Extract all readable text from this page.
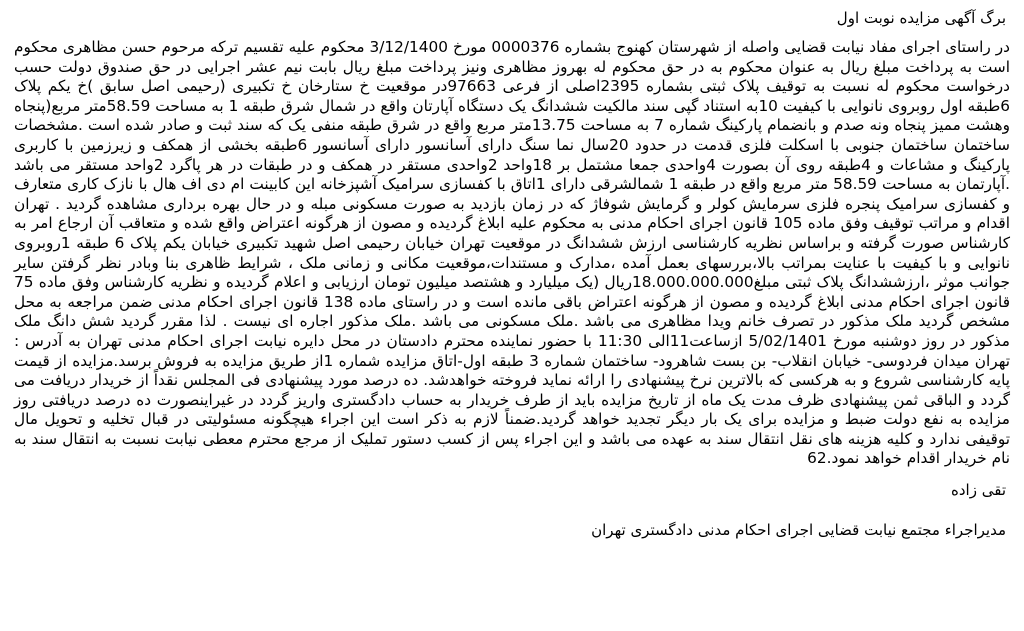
برگ آگهی مزایده نوبت اول

در راستای اجرای مفاد نیابت قضایی واصله از شهرستان کهنوج بشماره 0000376 مورخ 3/12/1400 محکوم علیه تقسیم ترکه مرحوم حسن مظاهری محکوم است به پرداخت مبلغ ریال به عنوان محکوم به در حق محکوم له بهروز مظاهری ونیز پرداخت مبلغ ریال بابت نیم عشر اجرایی در حق صندوق دولت حسب درخواست محکوم له نسبت به توقیف پلاک ثبتی بشماره 2395اصلی از فرعی 97663در موقعیت خ ستارخان خ تکبیری (رحیمی اصل سابق )خ یکم پلاک 6طبقه اول روبروی نانوایی با کیفیت 10به استناد گپی سند مالکیت ششدانگ یک دستگاه آپارتان واقع در شمال شرق طبقه 1 به مساحت 58.59متر مربع(پنجاه وهشت ممیز پنجاه ونه صدم و بانضمام پارکینگ شماره 7 به مساحت 13.75متر مربع واقع در شرق طبقه منفی یک که سند ثبت و صادر شده است .مشخصات ساختمان ساختمان جنوبی با اسکلت فلزی قدمت در حدود 20سال نما سنگ دارای آسانسور دارای آسانسور 6طبقه بخشی از همکف و زیرزمین با کاربری پارکینگ و مشاعات و 4طبقه روی آن بصورت 4واحدی جمعا مشتمل بر 18واحد 2واحدی مستقر در همکف و در طبقات در هر پاگرد 2واحد مستقر می باشد .آپارتمان به مساحت 58.59 متر مربع واقع در طبقه 1 شمالشرقی دارای 1اتاق با کفسازی سرامیک آشپزخانه این کابینت ام دی اف هال با نازک کاری متعارف و کفسازی سرامیک پنجره فلزی سرمایش کولر و گرمایش شوفاژ که در زمان بازدید به صورت مسکونی مبله و در حال بهره برداری مشاهده گردید . تهران اقدام و مراتب توقیف وفق ماده 105 قانون اجرای احکام مدنی به محکوم علیه ابلاغ گردیده و مصون از هرگونه اعتراض واقع شده و متعاقب آن ارجاع امر به کارشناس صورت گرفته و براساس نظریه کارشناسی ارزش ششدانگ در موقعیت تهران خیابان رحیمی اصل شهید تکبیری خیابان یکم پلاک 6 طبقه 1روبروی نانوایی و با کیفیت با عنایت بمراتب بالا،بررسهای بعمل آمده ،مدارک و مستندات،موقعیت مکانی و زمانی ملک ، شرایط ظاهری بنا وبادر نظر گرفتن سایر جوانب موثر ،ارزششدانگ پلاک ثبتی مبلغ18.000.000.000ریال (یک میلیارد و هشتصد میلیون تومان ارزیابی و اعلام گردیده و نظریه کارشناس وفق ماده 75 قانون اجرای احکام مدنی ابلاغ گردیده و مصون از هرگونه اعتراض باقی مانده است و در راستای ماده 138 قانون اجرای احکام مدنی ضمن مراجعه به محل مشخص گردید ملک مذکور در تصرف خانم ویدا مظاهری می باشد .ملک مسکونی می باشد .ملک مذکور اجاره ای نیست . لذا مقرر گردید شش دانگ ملک مذکور در روز دوشنبه مورخ 5/02/1401 ازساعت11الی 11:30 با حضور نماینده محترم دادستان در محل دایره نیابت اجرای احکام مدنی تهران به آدرس : تهران میدان فردوسی- خیابان انقلاب- بن بست شاهرود- ساختمان شماره 3 طبقه اول-اتاق مزایده شماره 1از طریق مزایده به فروش برسد.مزایده از قیمت پایه کارشناسی شروع و به هرکسی که بالاترین نرخ پیشنهادی را ارائه نماید فروخته خواهدشد. ده درصد مورد پیشنهادی فی المجلس نقداً از خریدار دریافت می گردد و الباقی ثمن پیشنهادی ظرف مدت یک ماه از تاریخ مزایده باید از طرف خریدار به حساب دادگستری واریز گردد در غیراینصورت ده درصد دریافتی روز مزایده به نفع دولت ضبط و مزایده برای یک بار دیگر تجدید خواهد گردید.ضمناً لازم به ذکر است این اجراء هیچگونه مسئولیتی در قبال تخلیه و تحویل مال توقیفی ندارد و کلیه هزینه های نقل انتقال سند به عهده می باشد و این اجراء پس از کسب دستور تملیک از مرجع محترم معطی نیابت نسبت به انتقال سند به نام خریدار اقدام خواهد نمود.62

تقی زاده
مدیراجراء مجتمع نیابت قضایی اجرای احکام مدنی دادگستری تهران
